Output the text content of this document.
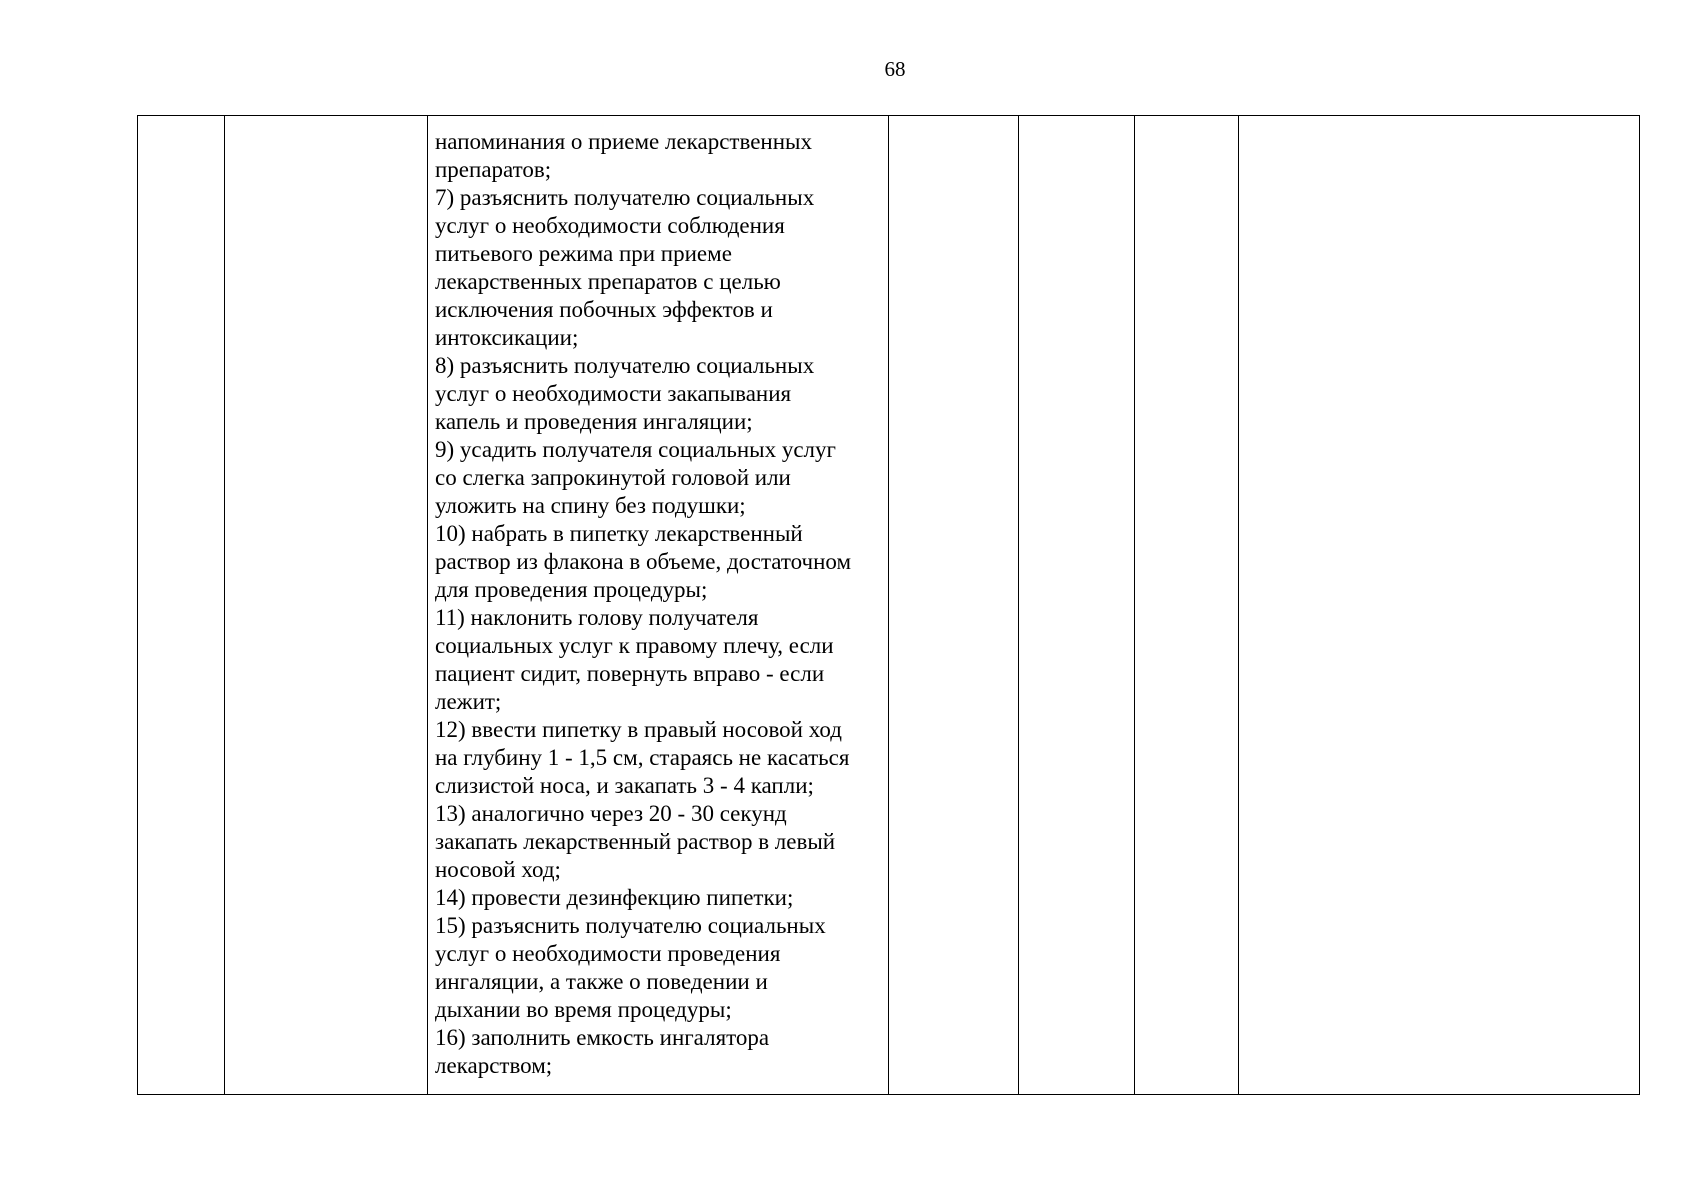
68

напоминания о приеме лекарственных
препаратов;
7) разъяснить получателю социальных
услуг о необходимости соблюдения
питьевого режима при приеме
лекарственных препаратов с целью
исключения побочных эффектов и
интоксикации;
8) разъяснить получателю социальных
услуг о необходимости закапывания
капель и проведения ингаляции;
9) усадить получателя социальных услуг
со слегка запрокинутой головой или
уложить на спину без подушки;
10) набрать в пипетку лекарственный
раствор из флакона в объеме, достаточном
для проведения процедуры;
11) наклонить голову получателя
социальных услуг к правому плечу, если
пациент сидит, повернуть вправо - если
лежит;
12) ввести пипетку в правый носовой ход
на глубину 1 - 1,5 см, стараясь не касаться
слизистой носа, и закапать 3 - 4 капли;
13) аналогично через 20 - 30 секунд
закапать лекарственный раствор в левый
носовой ход;
14) провести дезинфекцию пипетки;
15) разъяснить получателю социальных
услуг о необходимости проведения
ингаляции, а также о поведении и
дыхании во время процедуры;
16) заполнить емкость ингалятора
лекарством;
